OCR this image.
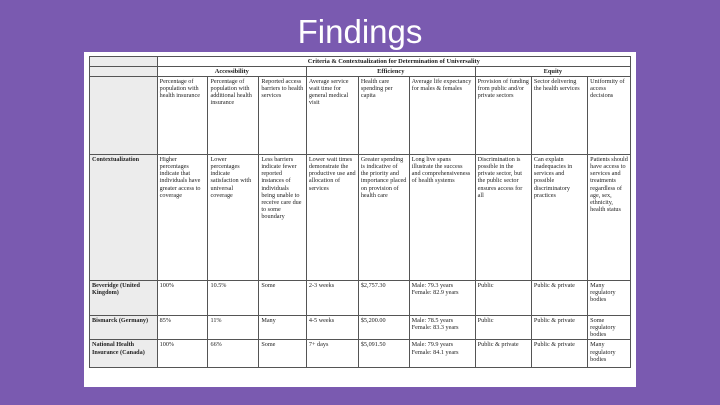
Findings
	Criteria & Contextualization for Determination of Universality								
	Accessibility			Efficiency			Equity		
	Percentage of population with health insurance	Percentage of population with additional health insurance	Reported access barriers to health services	Average service wait time for general medical visit	Health care spending per capita	Average life expectancy for males & females	Provision of funding from public and/or private sectors	Sector delivering the health services	Uniformity of access decisions
Contextualization	Higher percentages indicate that individuals have greater access to coverage	Lower percentages indicate satisfaction with universal coverage	Less barriers indicate fewer reported instances of individuals being unable to receive care due to some boundary	Lower wait times demonstrate the productive use and allocation of services	Greater spending is indicative of the priority and importance placed on provision of health care	Long live spans illustrate the success and comprehensiveness of health systems	Discrimination is possible in the private sector, but the public sector ensures access for all	Can explain inadequacies in services and possible discriminatory practices	Patients should have access to services and treatments regardless of age, sex, ethnicity, health status
Beveridge (United Kingdom)	100%	10.5%	Some	2-3 weeks	$2,757.30	Male: 79.3 years Female: 82.9 years	Public	Public & private	Many regulatory bodies
Bismarck (Germany)	85%	11%	Many	4-5 weeks	$5,200.00	Male: 78.5 years Female: 83.3 years	Public	Public & private	Some regulatory bodies
National Health Insurance (Canada)	100%	66%	Some	7+ days	$5,091.50	Male: 79.9 years Female: 84.1 years	Public & private	Public & private	Many regulatory bodies
